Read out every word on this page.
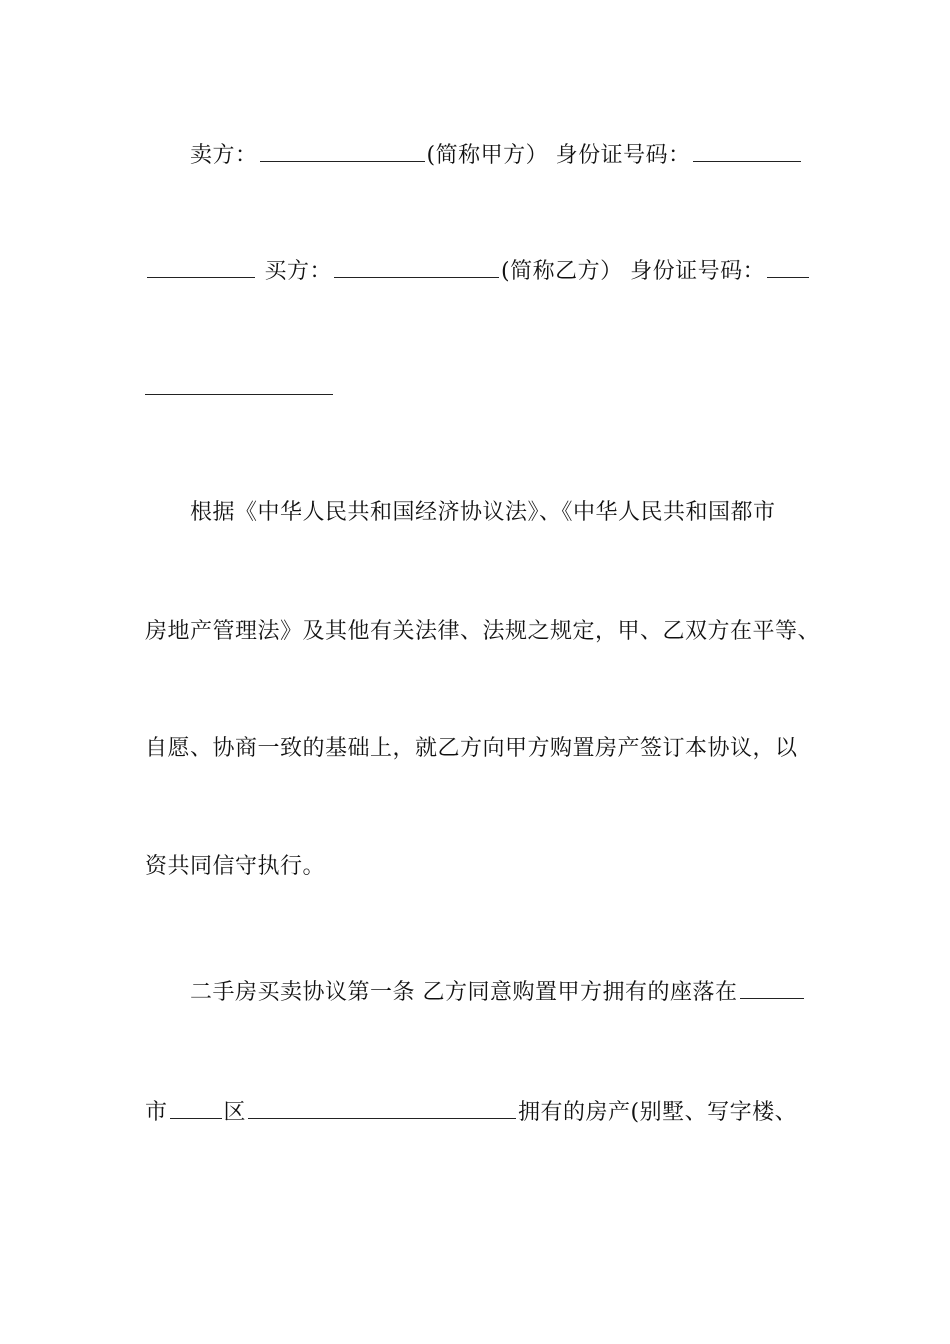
卖方：	(简称甲方） 身份证号码：
买方：	(简称乙方） 身份证号码：
根据《中华人民共和国经济协议法》、《中华人民共和国都市
房地产管理法》及其他有关法律、法规之规定，甲、乙双方在平等、
自愿、协商一致的基础上，就乙方向甲方购置房产签订本协议，以
资共同信守执行。
二手房买卖协议第一条 乙方同意购置甲方拥有的座落在
市	区	拥有的房产(别墅、写字楼、
